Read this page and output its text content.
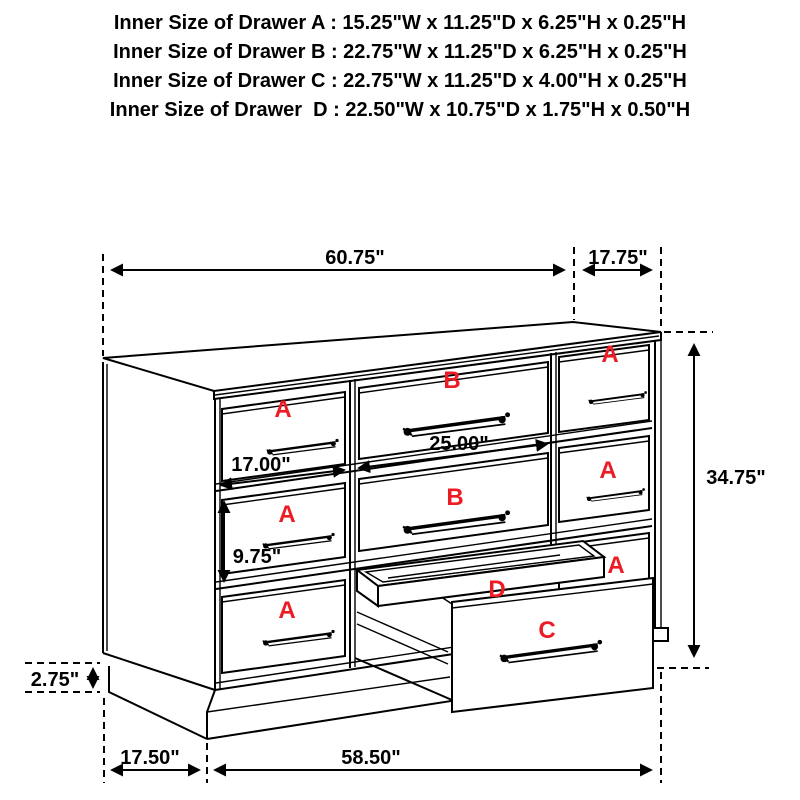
Inner Size of Drawer A : 15.25"W x 11.25"D x 6.25"H x 0.25"H
Inner Size of Drawer B : 22.75"W x 11.25"D x 6.25"H x 0.25"H
Inner Size of Drawer C : 22.75"W x 11.25"D x 4.00"H x 0.25"H
Inner Size of Drawer  D : 22.50"W x 10.75"D x 1.75"H x 0.50"H
60.75"	17.75"
34.75"
17.00"
25.00"
9.75"
2.75"
17.50"	58.50"
A
B
A
A
B
A
A
A
D
C
